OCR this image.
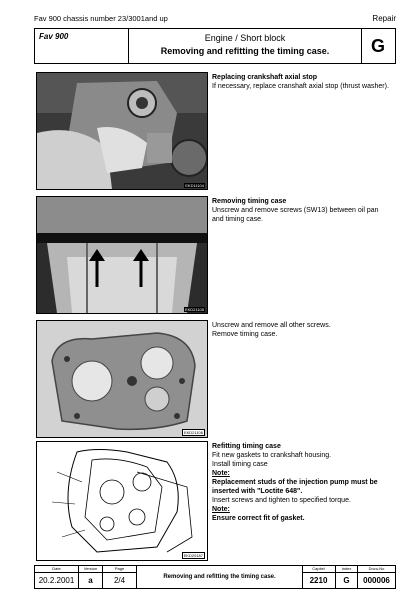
Fav 900 chassis number 23/3001and up	Repair
Fav 900	Engine / Short block
Removing and refitting the timing case.	G
EKD11104
Replacing crankshaft axial stop
If necessary, replace cranshaft axial stop (thrust washer).
EKD21105
Removing timing case
Unscrew and remove screws (SW13) between oil pan and timing case.
EKD21106
Unscrew and remove all other screws.
Remove timing case.
EKD20187
Refitting timing case
Fit new gaskets to crankshaft housing.
Install timing case
Note:
Replacement studs of the injection pump must be inserted with "Loctite 648".
Insert screws and tighten to specified torque.
Note:
Ensure correct fit of gasket.
Date
20.2.2001
Version
a
Page
2/4	Removing and refitting the timing case.
Capitel
2210
Index
G
Docu-No
000006
